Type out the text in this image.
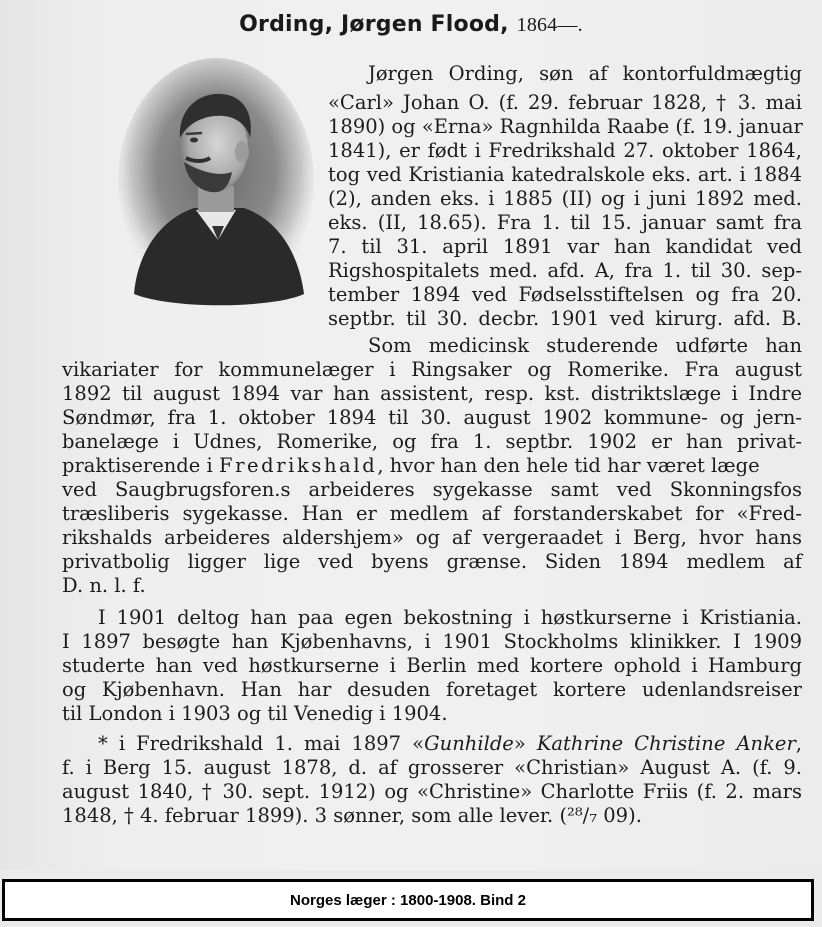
Ording, Jørgen Flood, 1864—.
Jørgen Ording, søn af kontorfuldmægtig
«Carl» Johan O. (f. 29. februar 1828, † 3. mai
1890) og «Erna» Ragnhilda Raabe (f. 19. januar
1841), er født i Fredrikshald 27. oktober 1864,
tog ved Kristiania katedralskole eks. art. i 1884
(2), anden eks. i 1885 (II) og i juni 1892 med.
eks. (II, 18.65). Fra 1. til 15. januar samt fra
7. til 31. april 1891 var han kandidat ved
Rigshospitalets med. afd. A, fra 1. til 30. sep-
tember 1894 ved Fødselsstiftelsen og fra 20.
septbr. til 30. decbr. 1901 ved kirurg. afd. B.
Som medicinsk studerende udførte han
vikariater for kommunelæger i Ringsaker og Romerike. Fra august
1892 til august 1894 var han assistent, resp. kst. distriktslæge i Indre
Søndmør, fra 1. oktober 1894 til 30. august 1902 kommune- og jern-
banelæge i Udnes, Romerike, og fra 1. septbr. 1902 er han privat-
praktiserende i Fredrikshald, hvor han den hele tid har været læge
ved Saugbrugsforen.s arbeideres sygekasse samt ved Skonningsfos
træsliberis sygekasse. Han er medlem af forstanderskabet for «Fred-
rikshalds arbeideres aldershjem» og af vergeraadet i Berg, hvor hans
privatbolig ligger lige ved byens grænse. Siden 1894 medlem af
D. n. l. f.
I 1901 deltog han paa egen bekostning i høstkurserne i Kristiania.
I 1897 besøgte han Kjøbenhavns, i 1901 Stockholms klinikker. I 1909
studerte han ved høstkurserne i Berlin med kortere ophold i Hamburg
og Kjøbenhavn. Han har desuden foretaget kortere udenlandsreiser
til London i 1903 og til Venedig i 1904.
* i Fredrikshald 1. mai 1897 «Gunhilde» Kathrine Christine Anker,
f. i Berg 15. august 1878, d. af grosserer «Christian» August A. (f. 9.
august 1840, † 30. sept. 1912) og «Christine» Charlotte Friis (f. 2. mars
1848, † 4. februar 1899). 3 sønner, som alle lever. (²⁸/₇ 09).
Norges læger : 1800-1908. Bind 2
